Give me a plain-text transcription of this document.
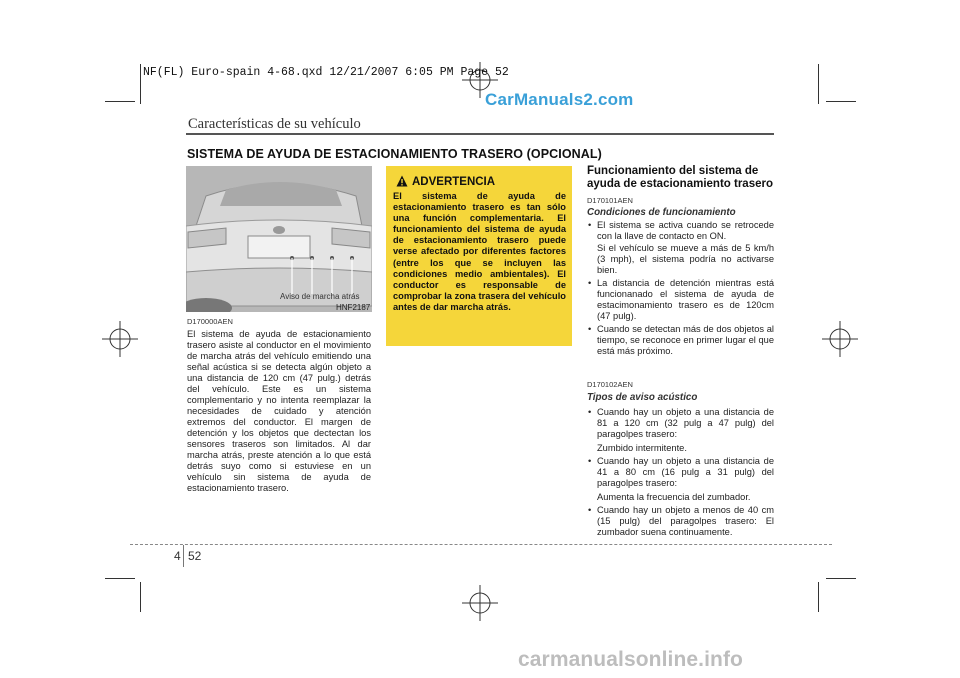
NF(FL) Euro-spain 4-68.qxd 12/21/2007 6:05 PM Page 52
CarManuals2.com
Características de su vehículo
SISTEMA DE AYUDA DE ESTACIONAMIENTO TRASERO (OPCIONAL)
Aviso de marcha atrás
HNF2187
D170000AEN
El sistema de ayuda de estacionamiento trasero asiste al conductor en el movimiento de marcha atrás del vehículo emitiendo una señal acústica si se detecta algún objeto a una distancia de 120 cm (47 pulg.) detrás del vehículo. Este es un sistema complementario y no intenta reemplazar la necesidades de cuidado y atención extremos del conductor. El margen de detención y los objetos que dectectan los sensores traseros son limitados. Al dar marcha atrás, preste atención a lo que está detrás suyo como si estuviese en un vehículo sin sistema de ayuda de estacionamiento trasero.
ADVERTENCIA
El sistema de ayuda de estacionamiento trasero es tan sólo una función complementaria. El funcionamiento del sistema de ayuda de estacionamiento trasero puede verse afectado por diferentes factores (entre los que se incluyen las condiciones medio ambientales). El conductor es responsable de comprobar la zona trasera del vehículo antes de dar marcha atrás.
Funcionamiento del sistema de ayuda de estacionamiento trasero
D170101AEN
Condiciones de funcionamiento
• El sistema se activa cuando se retrocede con la llave de contacto en ON.
Si el vehículo se mueve a más de 5 km/h (3 mph), el sistema podría no activarse bien.
• La distancia de detención mientras está funcionanado el sistema de ayuda de estacimonamiento trasero es de 120cm (47 pulg).
• Cuando se detectan más de dos objetos al tiempo, se reconoce en primer lugar el que está más próximo.
D170102AEN
Tipos de aviso acústico
• Cuando hay un objeto a una distancia de 81 a 120 cm (32 pulg a 47 pulg) del paragolpes trasero:
Zumbido intermitente.
• Cuando hay un objeto a una distancia de 41 a 80 cm (16 pulg a 31 pulg) del paragolpes trasero:
Aumenta la frecuencia del zumbador.
• Cuando hay un objeto a menos de 40 cm (15 pulg) del paragolpes trasero: El zumbador suena continuamente.
4 52
carmanualsonline.info
